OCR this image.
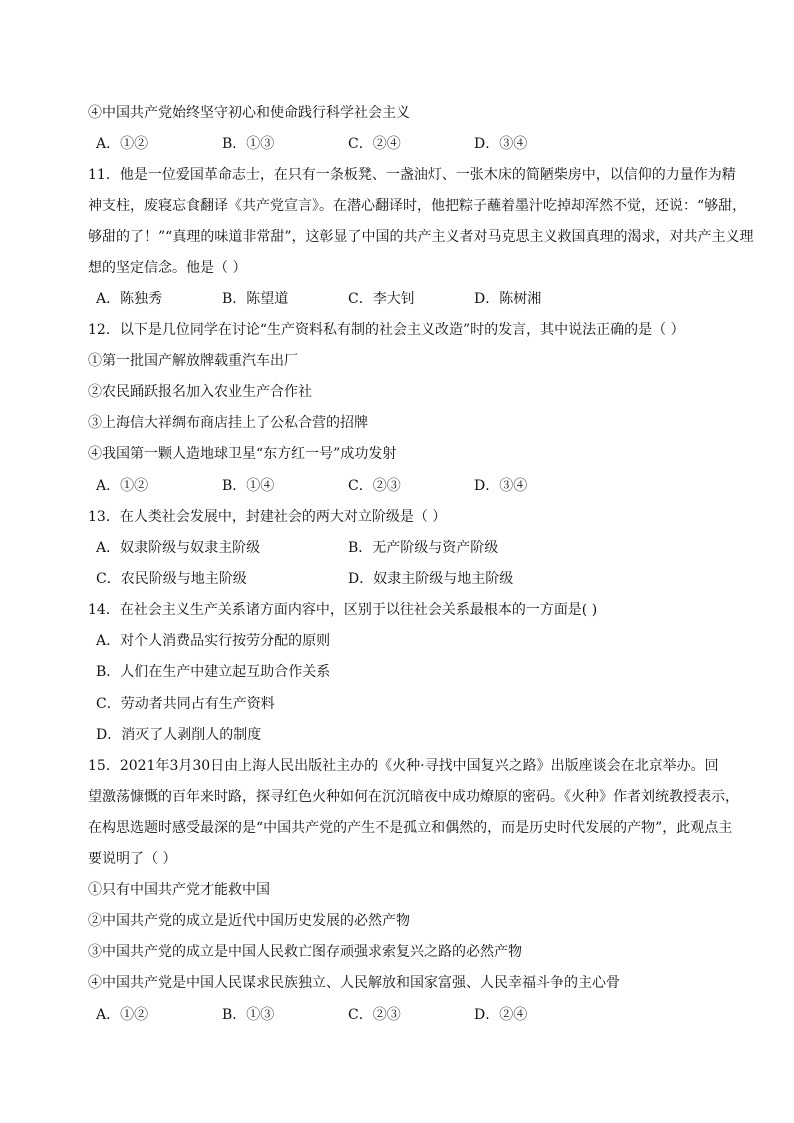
④中国共产党始终坚守初心和使命践行科学社会主义
A．①②	B．①③	C．②④	D．③④
11．他是一位爱国革命志士，在只有一条板凳、一盏油灯、一张木床的简陋柴房中，以信仰的力量作为精
神支柱，废寝忘食翻译《共产党宣言》。在潜心翻译时，他把粽子蘸着墨汁吃掉却浑然不觉，还说：“够甜，
够甜的了！”“真理的味道非常甜”，这彰显了中国的共产主义者对马克思主义救国真理的渴求，对共产主义理
想的坚定信念。他是（ ）
A．陈独秀	B．陈望道	C．李大钊	D．陈树湘
12．以下是几位同学在讨论“生产资料私有制的社会主义改造”时的发言，其中说法正确的是（ ）
①第一批国产解放牌载重汽车出厂
②农民踊跃报名加入农业生产合作社
③上海信大祥绸布商店挂上了公私合营的招牌
④我国第一颗人造地球卫星“东方红一号”成功发射
A．①②	B．①④	C．②③	D．③④
13．在人类社会发展中，封建社会的两大对立阶级是（ ）
A．奴隶阶级与奴隶主阶级	B．无产阶级与资产阶级
C．农民阶级与地主阶级	D．奴隶主阶级与地主阶级
14．在社会主义生产关系诸方面内容中，区别于以往社会关系最根本的一方面是( )
A．对个人消费品实行按劳分配的原则
B．人们在生产中建立起互助合作关系
C．劳动者共同占有生产资料
D．消灭了人剥削人的制度
15．2021年3月30日由上海人民出版社主办的《火种·寻找中国复兴之路》出版座谈会在北京举办。回
望激荡慷慨的百年来时路，探寻红色火种如何在沉沉暗夜中成功燎原的密码。《火种》作者刘统教授表示，
在构思选题时感受最深的是“中国共产党的产生不是孤立和偶然的，而是历史时代发展的产物”，此观点主
要说明了（ ）
①只有中国共产党才能救中国
②中国共产党的成立是近代中国历史发展的必然产物
③中国共产党的成立是中国人民救亡图存顽强求索复兴之路的必然产物
④中国共产党是中国人民谋求民族独立、人民解放和国家富强、人民幸福斗争的主心骨
A．①②	B．①③	C．②③	D．②④
